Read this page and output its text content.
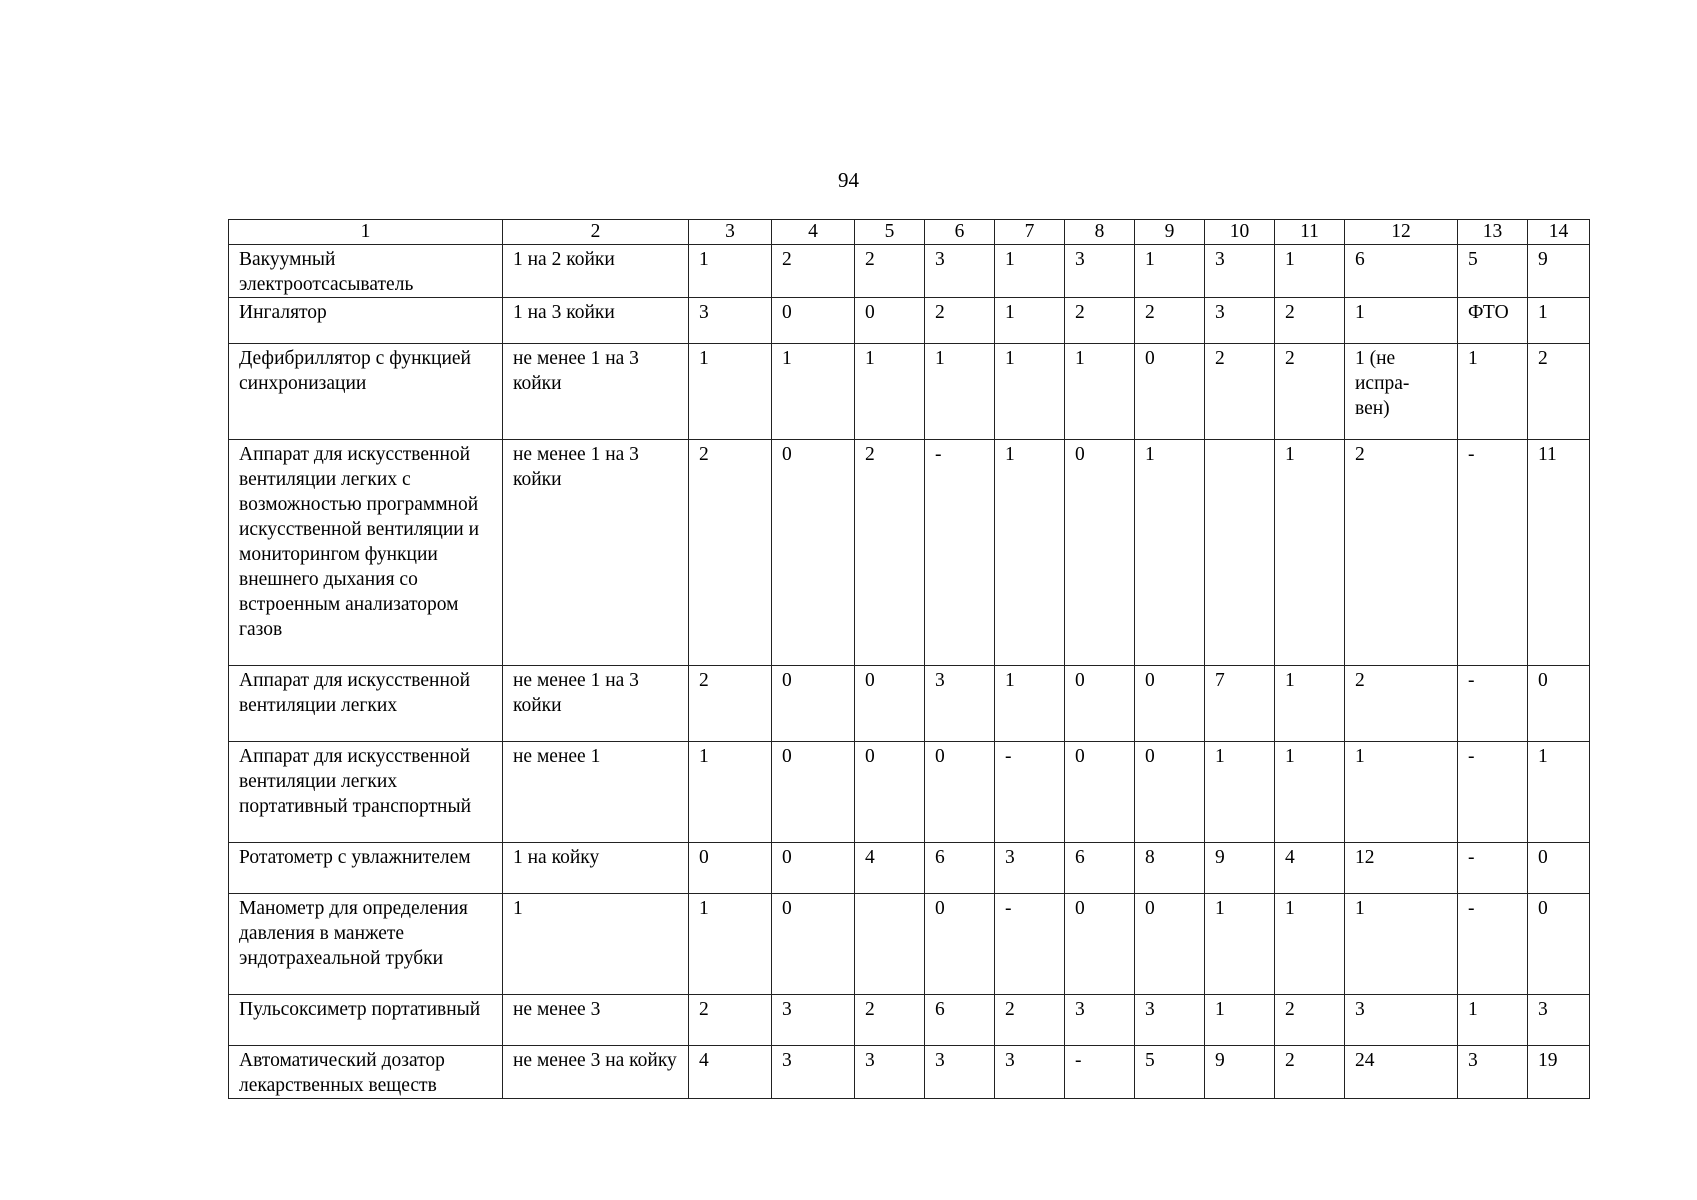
94
1	2	3	4	5	6	7	8	9	10	11	12	13	14
Вакуумный электроотсасыватель	1 на 2 койки	1	2	2	3	1	3	1	3	1	6	5	9
Ингалятор	1 на 3 койки	3	0	0	2	1	2	2	3	2	1	ФТО	1
Дефибриллятор с функцией синхронизации	не менее 1 на 3 койки	1	1	1	1	1	1	0	2	2	1 (не испра-вен)	1	2
Аппарат для искусственной вентиляции легких с возможностью программной искусственной вентиляции и мониторингом функции внешнего дыхания со встроенным анализатором газов	не менее 1 на 3 койки	2	0	2	-	1	0	1		1	2	-	11
Аппарат для искусственной вентиляции легких	не менее 1 на 3 койки	2	0	0	3	1	0	0	7	1	2	-	0
Аппарат для искусственной вентиляции легких портативный транспортный	не менее 1	1	0	0	0	-	0	0	1	1	1	-	1
Ротатометр с увлажнителем	1 на койку	0	0	4	6	3	6	8	9	4	12	-	0
Манометр для определения давления в манжете эндотрахеальной трубки	1	1	0		0	-	0	0	1	1	1	-	0
Пульсоксиметр портативный	не менее 3	2	3	2	6	2	3	3	1	2	3	1	3
Автоматический дозатор лекарственных веществ	не менее 3 на койку	4	3	3	3	3	-	5	9	2	24	3	19
